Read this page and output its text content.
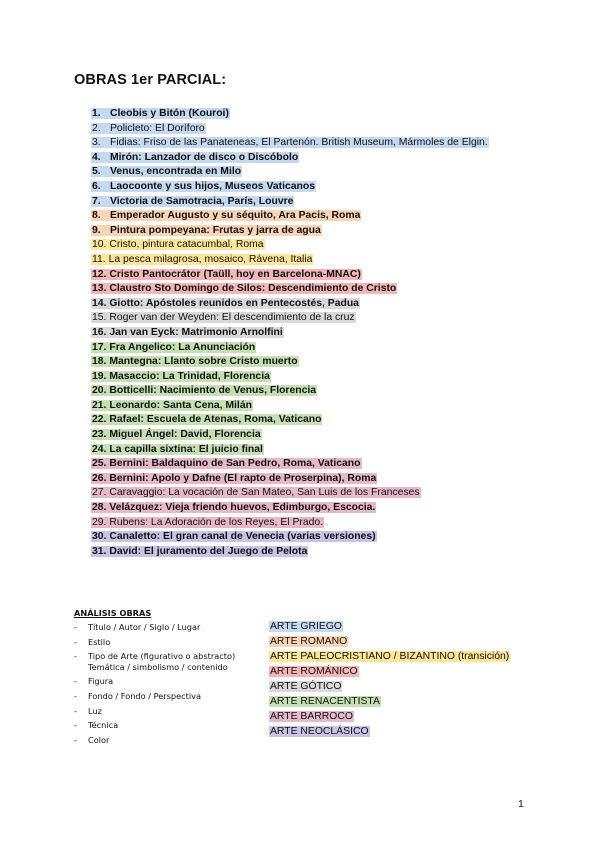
OBRAS 1er PARCIAL:
1. Cleobis y Bitón (Kouroi)
2. Policleto: El Doríforo
3. Fidias: Friso de las Panateneas, El Partenón. British Museum, Mármoles de Elgin.
4. Mirón: Lanzador de disco o Discóbolo
5. Venus, encontrada en Milo
6. Laocoonte y sus hijos, Museos Vaticanos
7. Victoria de Samotracia, París, Louvre
8. Emperador Augusto y su séquito, Ara Pacis, Roma
9. Pintura pompeyana: Frutas y jarra de agua
10. Cristo, pintura catacumbal, Roma
11. La pesca milagrosa, mosaico, Rávena, Italia
12. Cristo Pantocrátor (Taüll, hoy en Barcelona-MNAC)
13. Claustro Sto Domingo de Silos: Descendimiento de Cristo
14. Giotto: Apóstoles reunidos en Pentecostés, Padua
15. Roger van der Weyden: El descendimiento de la cruz
16. Jan van Eyck: Matrimonio Arnolfini
17. Fra Angelico: La Anunciación
18. Mantegna: Llanto sobre Cristo muerto
19. Masaccio: La Trinidad, Florencia
20. Botticelli: Nacimiento de Venus, Florencia
21. Leonardo: Santa Cena, Milán
22. Rafael: Escuela de Atenas, Roma, Vaticano
23. Miguel Ángel: David, Florencia
24. La capilla sixtina: El juicio final
25. Bernini: Baldaquino de San Pedro, Roma, Vaticano
26. Bernini: Apolo y Dafne (El rapto de Proserpina), Roma
27. Caravaggio: La vocación de San Mateo, San Luis de los Franceses
28. Velázquez: Vieja friendo huevos, Edimburgo, Escocia.
29. Rubens: La Adoración de los Reyes, El Prado.
30. Canaletto: El gran canal de Venecia (varias versiones)
31. David: El juramento del Juego de Pelota
ANÁLISIS OBRAS
- Título / Autor / Siglo / Lugar
- Estilo
- Tipo de Arte (figurativo o abstracto)
Temática / simbolismo / contenido
- Figura
- Fondo / Fondo / Perspectiva
- Luz
- Técnica
- Color
ARTE GRIEGO
ARTE ROMANO
ARTE PALEOCRISTIANO / BIZANTINO (transición)
ARTE ROMÁNICO
ARTE GÓTICO
ARTE RENACENTISTA
ARTE BARROCO
ARTE NEOCLÁSICO
1
